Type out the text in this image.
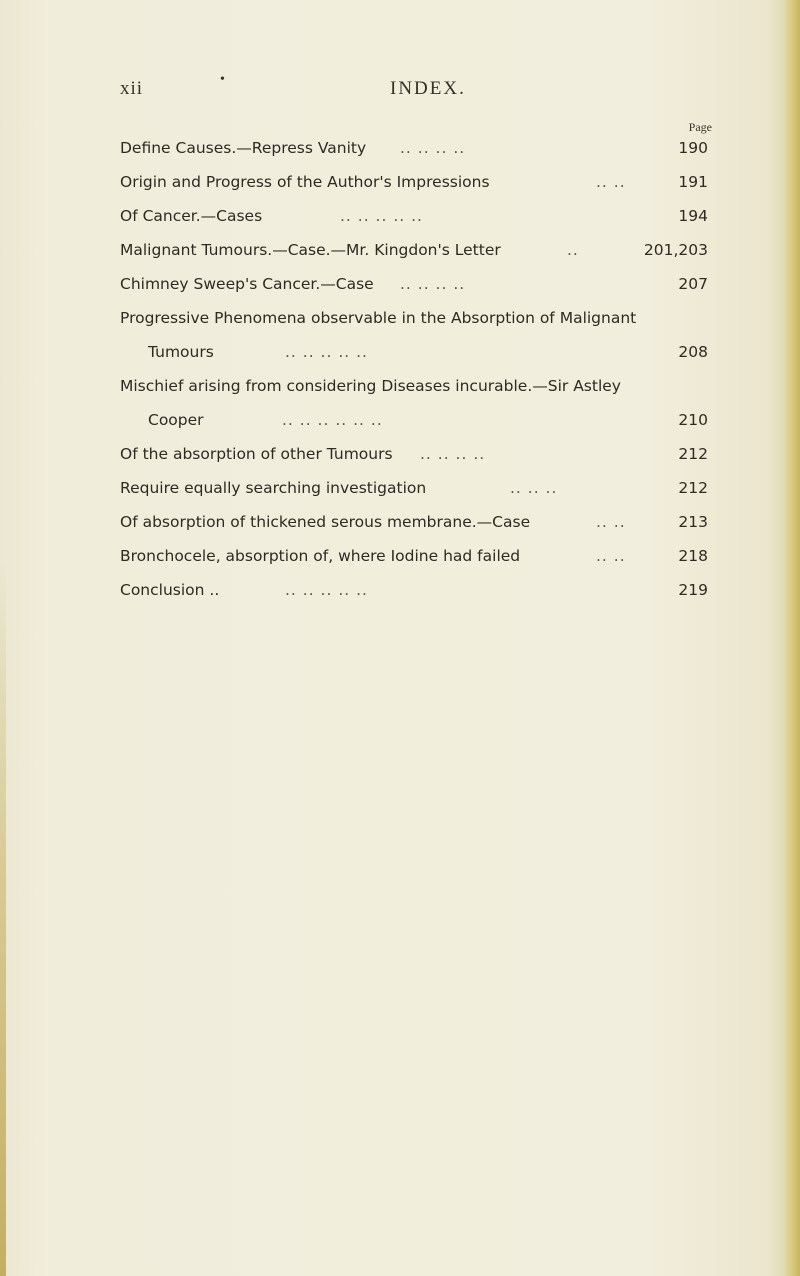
xii	•	INDEX.
Page
Define Causes.—Repress Vanity .. .. .. ..	190
Origin and Progress of the Author's Impressions	.. ..	191
Of Cancer.—Cases	.. .. .. .. ..	194
Malignant Tumours.—Case.—Mr. Kingdon's Letter	..	201,203
Chimney Sweep's Cancer.—Case .. .. .. ..	207
Progressive Phenomena observable in the Absorption of Malignant
Tumours	.. .. .. .. ..	208
Mischief arising from considering Diseases incurable.—Sir Astley
Cooper	.. .. .. .. .. ..	210
Of the absorption of other Tumours .. .. .. ..	212
Require equally searching investigation	.. .. ..	212
Of absorption of thickened serous membrane.—Case	.. ..	213
Bronchocele, absorption of, where Iodine had failed	.. ..	218
Conclusion ..	.. .. .. .. ..	219
